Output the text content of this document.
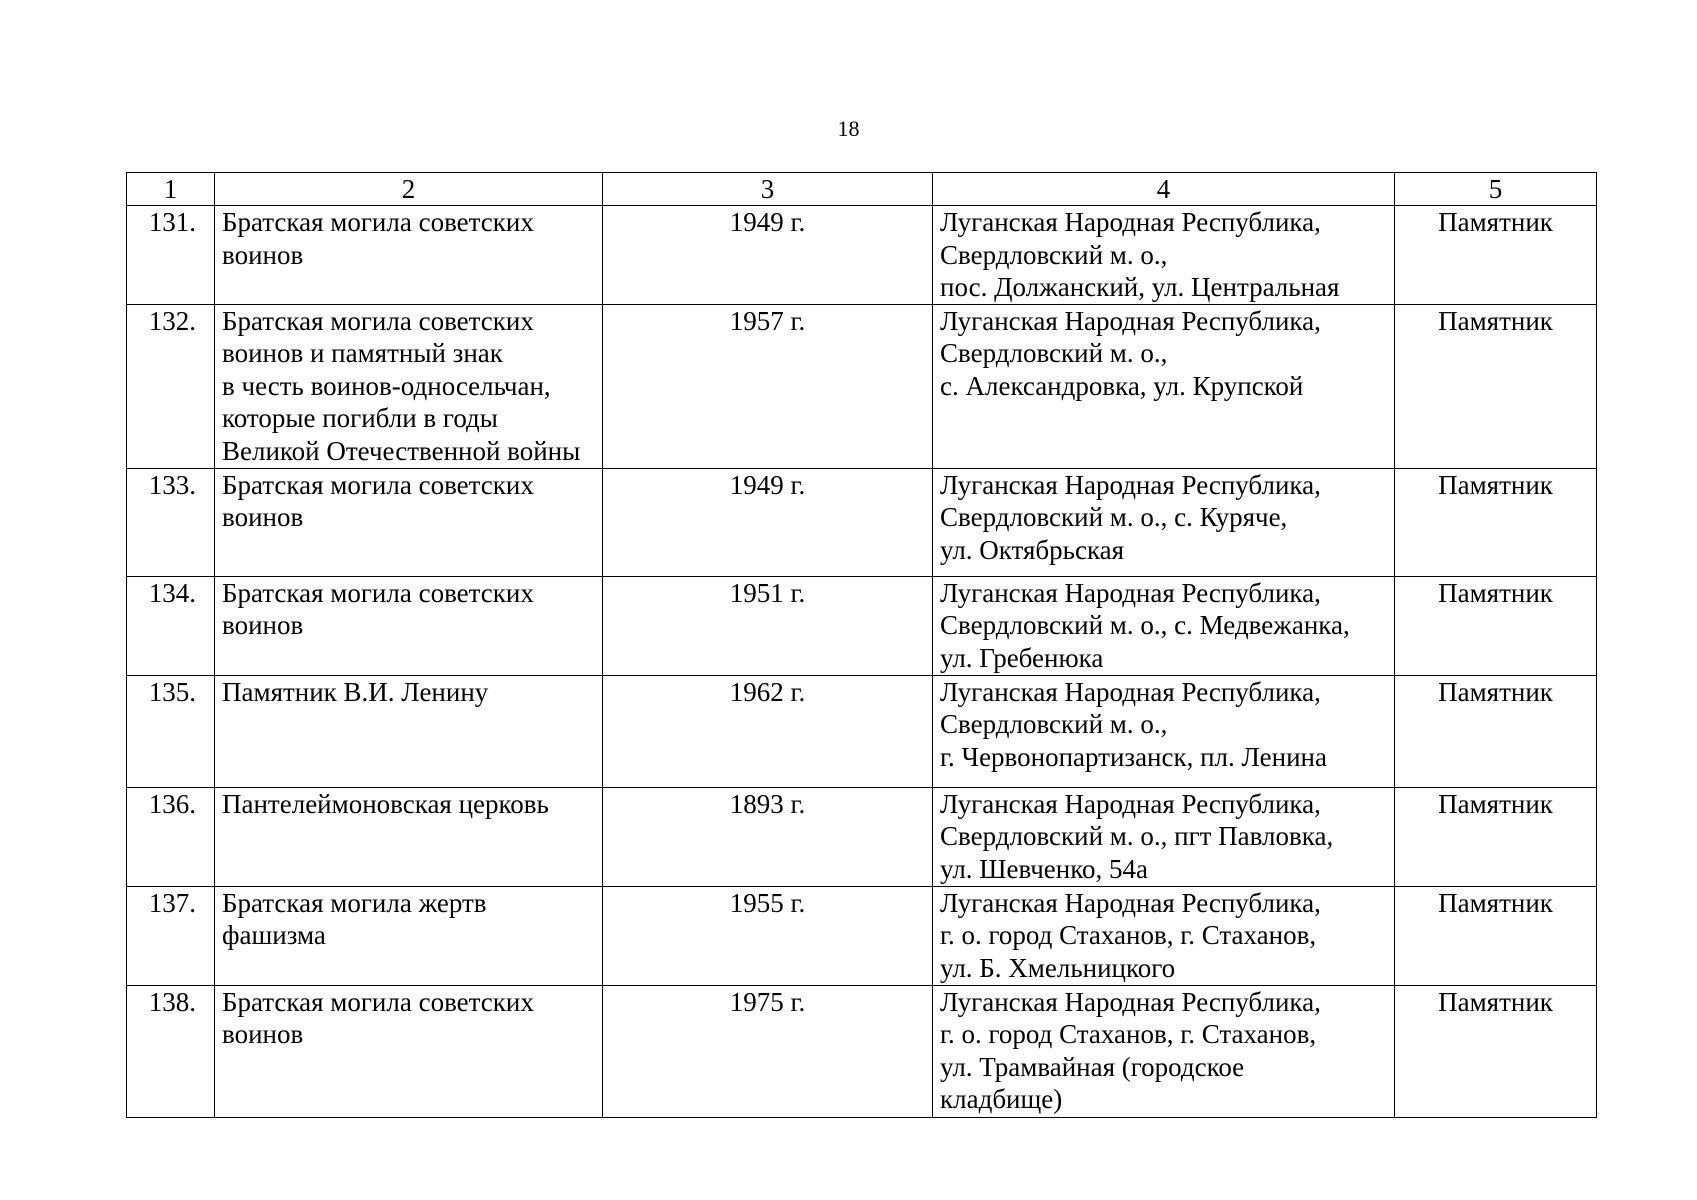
18
1	2	3	4	5
131.	Братская могила советских
воинов	1949 г.	Луганская Народная Республика,
Свердловский м. о.,
пос. Должанский, ул. Центральная	Памятник
132.	Братская могила советских
воинов и памятный знак
в честь воинов-односельчан,
которые погибли в годы
Великой Отечественной войны	1957 г.	Луганская Народная Республика,
Свердловский м. о.,
с. Александровка, ул. Крупской	Памятник
133.	Братская могила советских
воинов	1949 г.	Луганская Народная Республика,
Свердловский м. о., с. Куряче,
ул. Октябрьская	Памятник
134.	Братская могила советских
воинов	1951 г.	Луганская Народная Республика,
Свердловский м. о., с. Медвежанка,
ул. Гребенюка	Памятник
135.	Памятник В.И. Ленину	1962 г.	Луганская Народная Республика,
Свердловский м. о.,
г. Червонопартизанск, пл. Ленина	Памятник
136.	Пантелеймоновская церковь	1893 г.	Луганская Народная Республика,
Свердловский м. о., пгт Павловка,
ул. Шевченко, 54а	Памятник
137.	Братская могила жертв
фашизма	1955 г.	Луганская Народная Республика,
г. о. город Стаханов, г. Стаханов,
ул. Б. Хмельницкого	Памятник
138.	Братская могила советских
воинов	1975 г.	Луганская Народная Республика,
г. о. город Стаханов, г. Стаханов,
ул. Трамвайная (городское
кладбище)	Памятник
